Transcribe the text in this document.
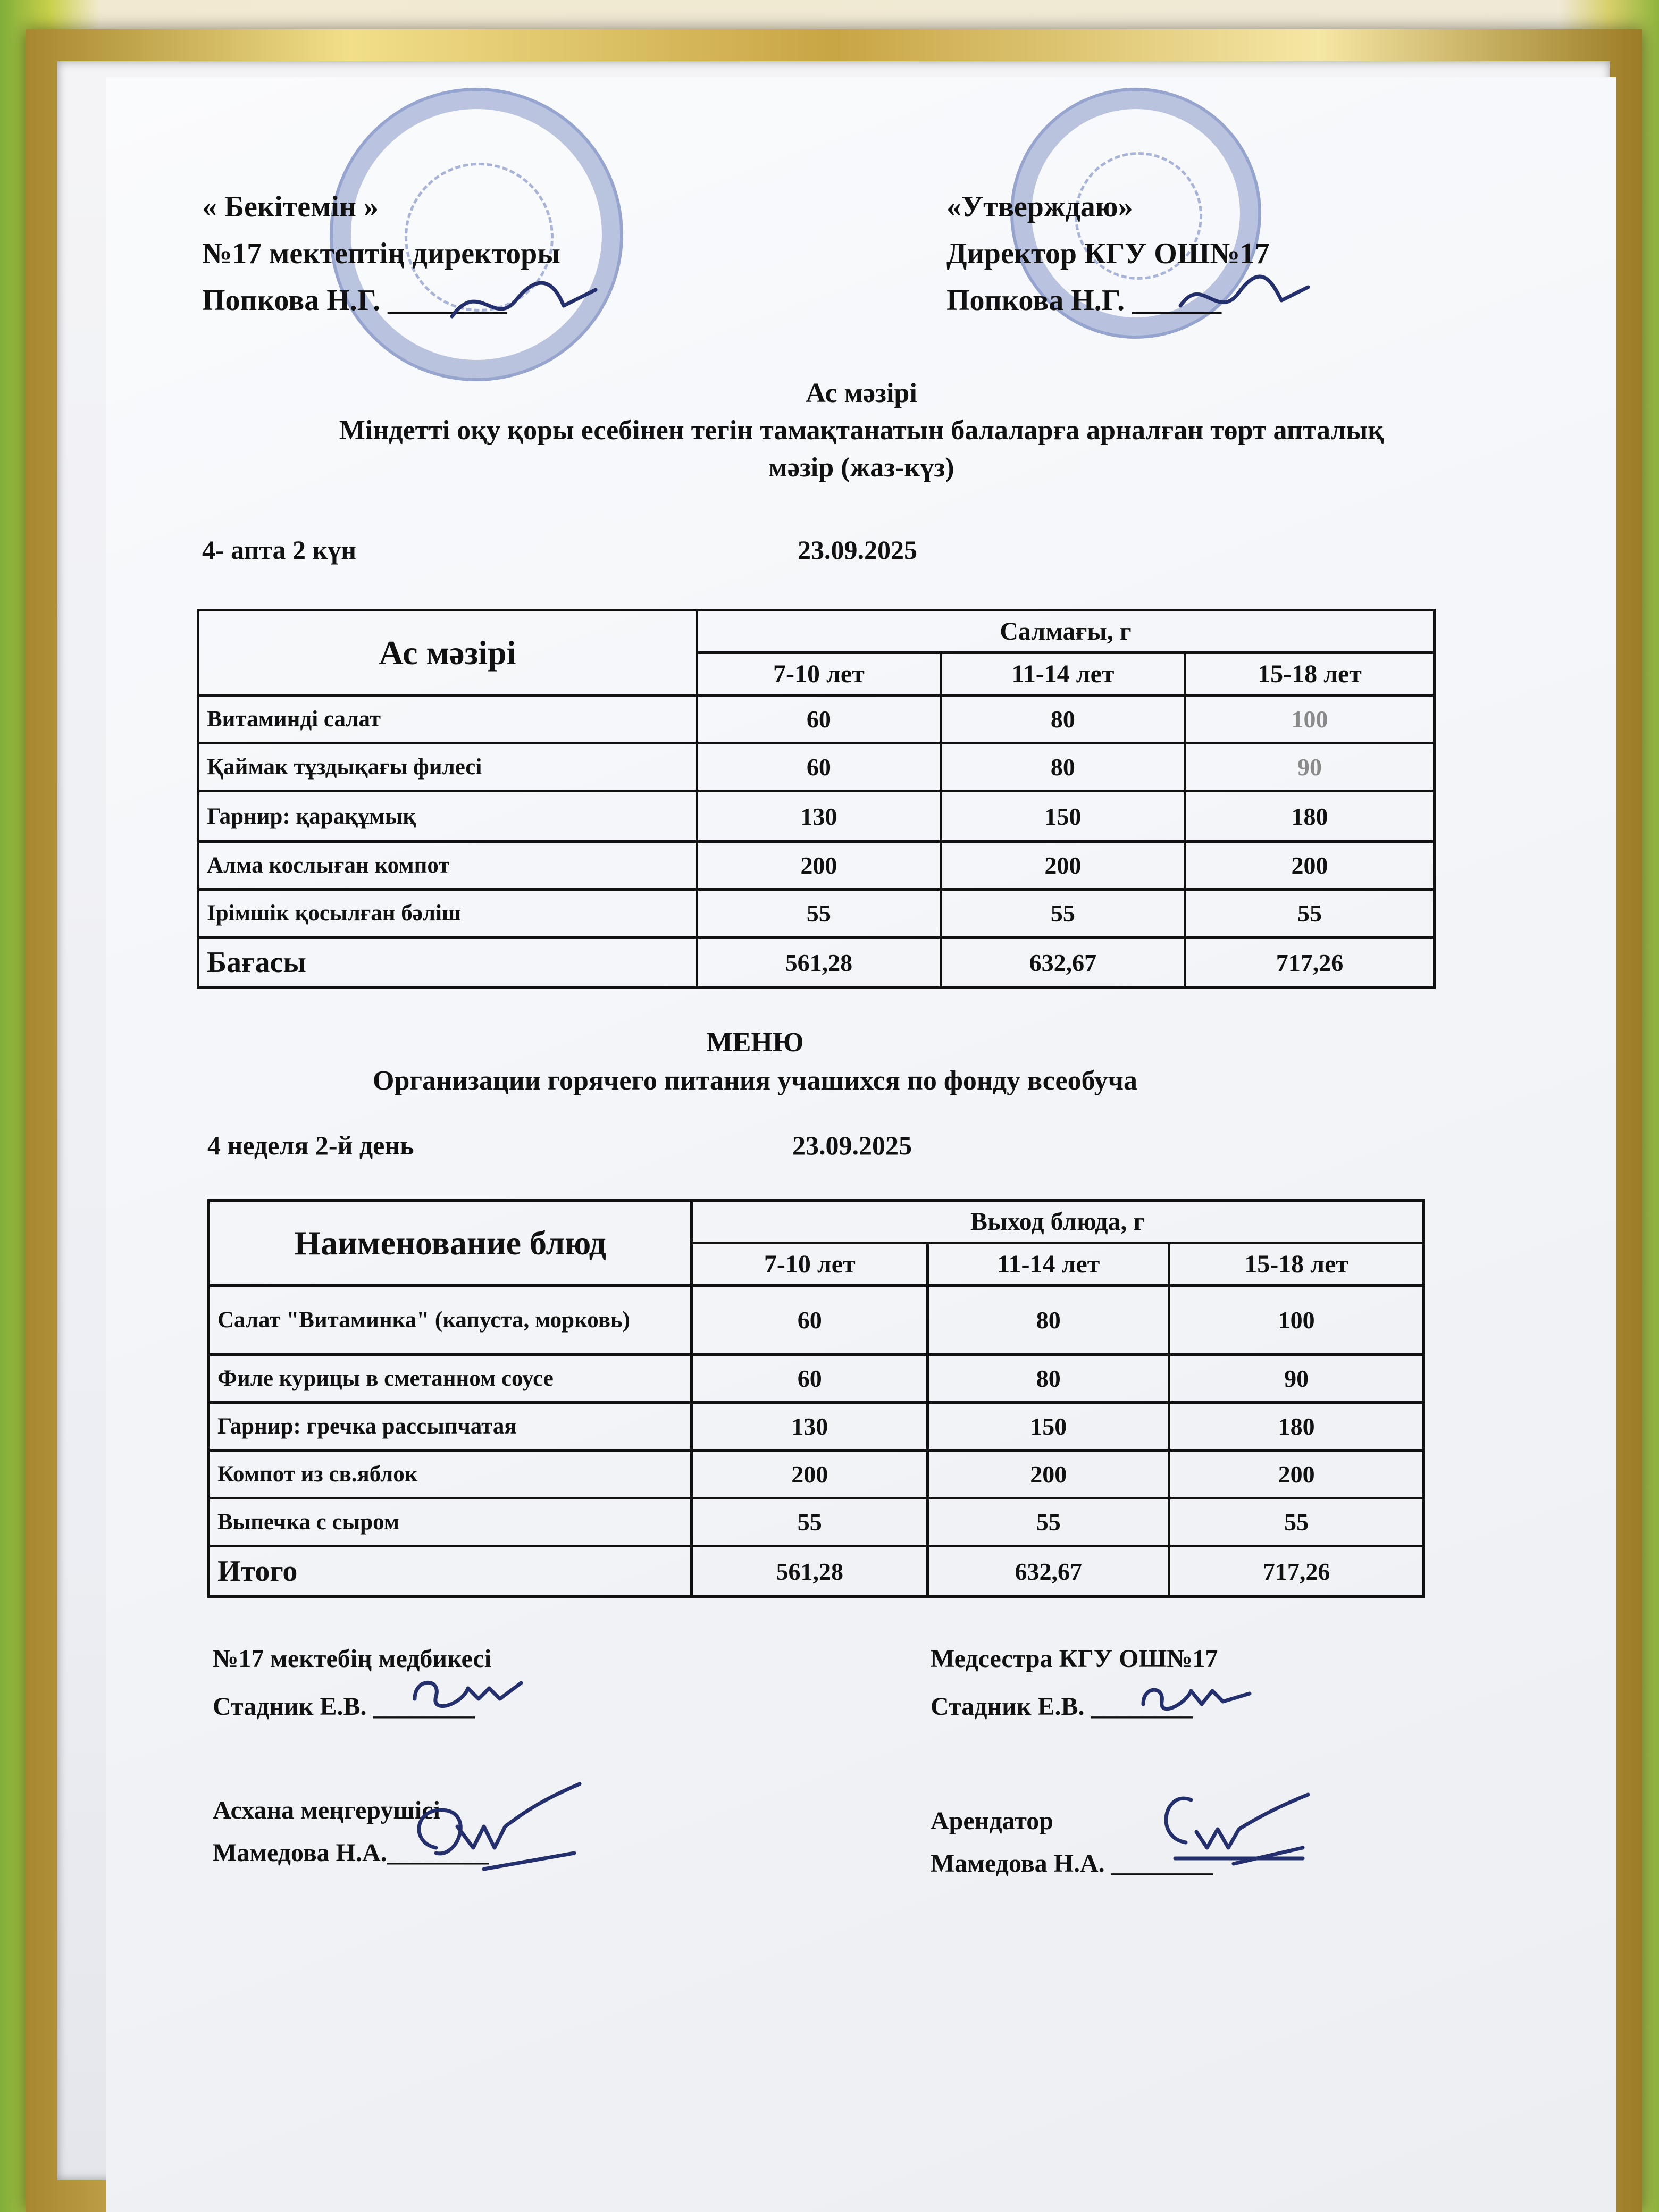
« Бекітемін »
№17 мектептің директоры
Попкова Н.Г. ________
«Утверждаю»
Директор КГУ ОШ№17
Попкова Н.Г. ______
Ас мәзірі
Міндетті оқу қоры есебінен тегін тамақтанатын балаларға арналған төрт апталық
мәзір (жаз-күз)
4- апта 2 күн	23.09.2025
Ас мәзірі	Салмағы, г		
	7-10 лет	11-14 лет	15-18 лет
Витаминді салат	60	80	100
Қаймак тұздықағы филесі	60	80	90
Гарнир: қарақұмық	130	150	180
Алма кослыған компот	200	200	200
Ірімшік қосылған бәліш	55	55	55
Бағасы	561,28	632,67	717,26
МЕНЮ
Организации горячего питания учашихся по фонду всеобуча
4 неделя 2-й день	23.09.2025
Наименование блюд	Выход блюда, г		
	7-10 лет	11-14 лет	15-18 лет
Салат "Витаминка" (капуста, морковь)	60	80	100
Филе курицы в сметанном соусе	60	80	90
Гарнир: гречка рассыпчатая	130	150	180
Компот из св.яблок	200	200	200
Выпечка с сыром	55	55	55
Итого	561,28	632,67	717,26
№17 мектебің медбикесі
Стадник Е.В. ________
Медсестра КГУ ОШ№17
Стадник Е.В. ________
Асхана меңгерушісі
Мамедова Н.А.________
Арендатор
Мамедова Н.А. ________
